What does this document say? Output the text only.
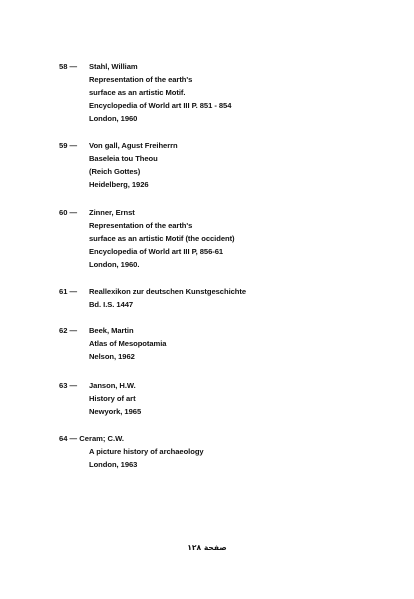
58 — Stahl, William
Representation of the earth's
surface as an artistic Motif.
Encyclopedia of World art III P. 851 - 854
London, 1960
59 — Von gall, Agust Freiherrn
Baseleia tou Theou
(Reich Gottes)
Heidelberg, 1926
60 — Zinner, Ernst
Representation of the earth's
surface as an artistic Motif (the occident)
Encyclopedia of World art III P, 856-61
London, 1960.
61 — Reallexikon zur deutschen Kunstgeschichte
Bd. I.S. 1447
62 — Beek, Martin
Atlas of Mesopotamia
Nelson, 1962
63 — Janson, H.W.
History of art
Newyork, 1965
64 — Ceram; C.W.
A picture history of archaeology
London, 1963
صفحة ١٢٨
